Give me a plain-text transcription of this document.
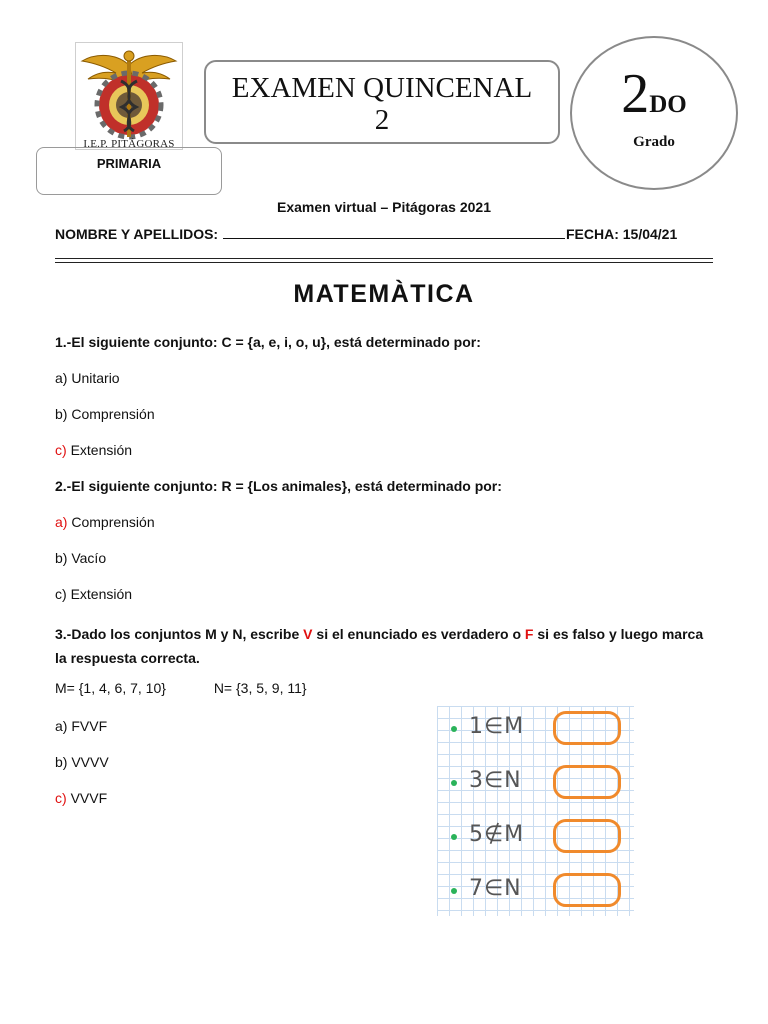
I.E.P. PITÁGORAS
EXAMEN QUINCENAL
2	2DO
Grado
PRIMARIA
Examen virtual – Pitágoras 2021
NOMBRE Y APELLIDOS:	FECHA: 15/04/21
MATEMÀTICA
1.-El siguiente conjunto: C = {a, e, i, o, u}, está determinado por:
a) Unitario
b) Comprensión
c) Extensión
2.-El siguiente conjunto: R = {Los animales}, está determinado por:
a) Comprensión
b) Vacío
c) Extensión
3.-Dado los conjuntos M y N, escribe V si el enunciado es verdadero o F si es falso y luego marca la respuesta correcta.
M= {1, 4, 6, 7, 10}	N= {3, 5, 9, 11}
a) FVVF
b) VVVV
c) VVVF
1∈M
3∈N
5∉M
7∈N
